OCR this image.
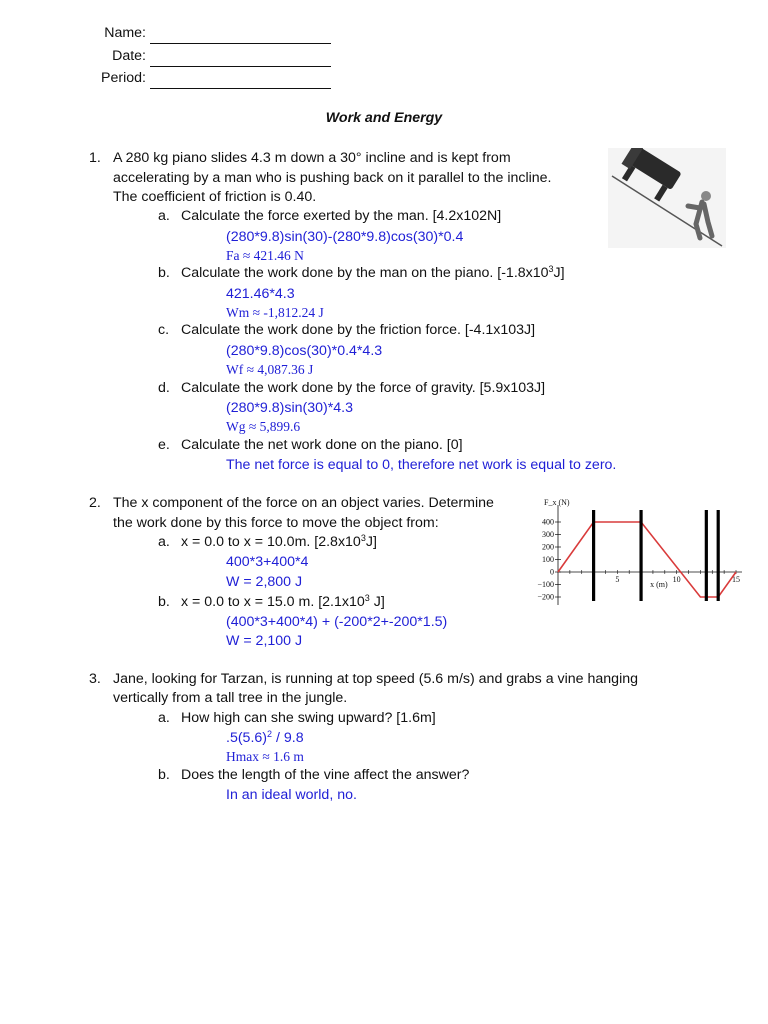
Name:
Date:
Period:
Work and Energy
1. A 280 kg piano slides 4.3 m down a 30° incline and is kept from
accelerating by a man who is pushing back on it parallel to the incline.
The coefficient of friction is 0.40.
a. Calculate the force exerted by the man. [4.2x102N]
(280*9.8)sin(30)-(280*9.8)cos(30)*0.4
Fa ≈ 421.46 N
b. Calculate the work done by the man on the piano. $[-1.8x10^3J]$
421.46*4.3
Wm ≈ -1,812.24 J
c. Calculate the work done by the friction force. [-4.1x103J]
(280*9.8)cos(30)*0.4*4.3
Wf ≈ 4,087.36 J
d. Calculate the work done by the force of gravity. [5.9x103J]
(280*9.8)sin(30)*4.3
Wg ≈ 5,899.6
e. Calculate the net work done on the piano. [0]
The net force is equal to 0, therefore net work is equal to zero.
2. The x component of the force on an object varies. Determine
the work done by this force to move the object from:
a. x = 0.0 to x = 10.0m. $[2.8x10^3J]$
400*3+400*4
W = 2,800 J
b. x = 0.0 to x = 15.0 m. [$2.1x10^3$ J]
(400*3+400*4) + (-200*2+-200*1.5)
W = 2,100 J
F_x (N)
x (m)
400
300
200
100
0
−100
−200
5	10	15
3. Jane, looking for Tarzan, is running at top speed (5.6 m/s) and grabs a vine hanging
vertically from a tall tree in the jungle.
a. How high can she swing upward? [1.6m]
$.5(5.6)^2 / 9.8$
Hmax ≈ 1.6 m
b. Does the length of the vine affect the answer?
In an ideal world, no.
